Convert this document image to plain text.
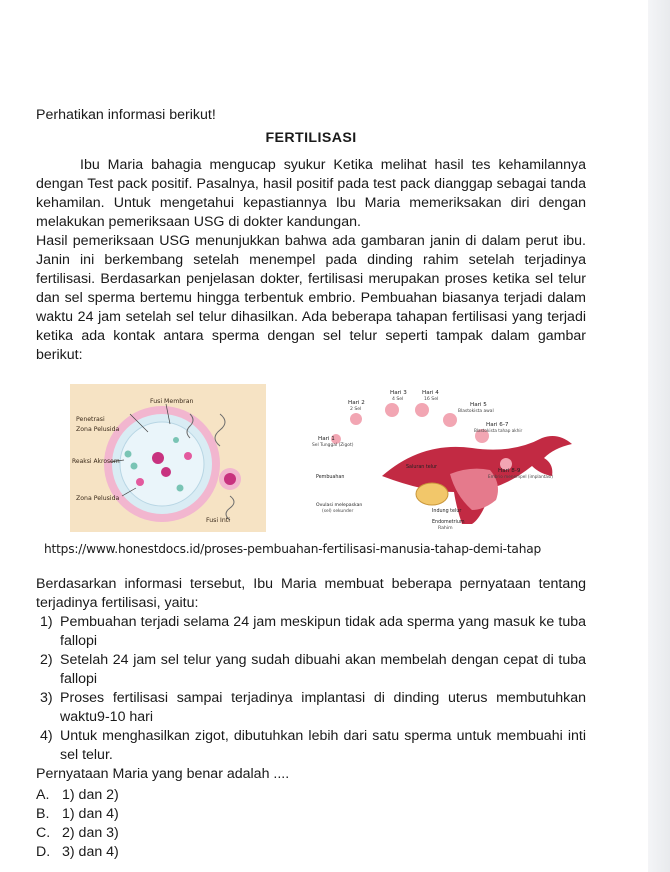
Perhatikan informasi berikut!

FERTILISASI

Ibu Maria bahagia mengucap syukur Ketika melihat hasil tes kehamilannya dengan Test pack positif. Pasalnya, hasil positif pada test pack dianggap sebagai tanda kehamilan. Untuk mengetahui kepastiannya Ibu Maria memeriksakan diri dengan melakukan pemeriksaan USG di dokter kandungan.

Hasil pemeriksaan USG menunjukkan bahwa ada gambaran janin di dalam perut ibu. Janin ini berkembang setelah menempel pada dinding rahim setelah terjadinya fertilisasi. Berdasarkan penjelasan dokter, fertilisasi merupakan proses ketika sel telur dan sel sperma bertemu hingga terbentuk embrio. Pembuahan biasanya terjadi dalam waktu 24 jam setelah sel telur dihasilkan. Ada beberapa tahapan fertilisasi yang terjadi ketika ada kontak antara sperma dengan sel telur seperti tampak dalam gambar berikut:

Fusi Membran
Penetrasi
Zona Pelusida
Reaksi Akrosom
Zona Pelusida
Fusi Inti
Hari 3
4 Sel
Hari 4
16 Sel
Hari 2
2 Sel
Hari 5
Blastokista awal
Hari 6-7
Blastokista tahap akhir
Hari 1
Sel Tunggal (Zigot)
Saluran telur
Pembuahan
Hari 8-9
Embrio menempel (implantasi)
Ovulasi melepaskan
(sel) sekunder	Indung telur
Endometrium
Rahim
https://www.honestdocs.id/proses-pembuahan-fertilisasi-manusia-tahap-demi-tahap

Berdasarkan informasi tersebut, Ibu Maria membuat beberapa pernyataan tentang terjadinya fertilisasi, yaitu:

1) Pembuahan terjadi selama 24 jam meskipun tidak ada sperma yang masuk ke tuba fallopi
2) Setelah 24 jam sel telur yang sudah dibuahi akan membelah dengan cepat di tuba fallopi
3) Proses fertilisasi sampai terjadinya implantasi di dinding uterus membutuhkan waktu9-10 hari
4) Untuk menghasilkan zigot, dibutuhkan lebih dari satu sperma untuk membuahi inti sel telur.

Pernyataan Maria yang benar adalah ....

A. 1) dan 2)
B. 1) dan 4)
C. 2) dan 3)
D. 3) dan 4)
